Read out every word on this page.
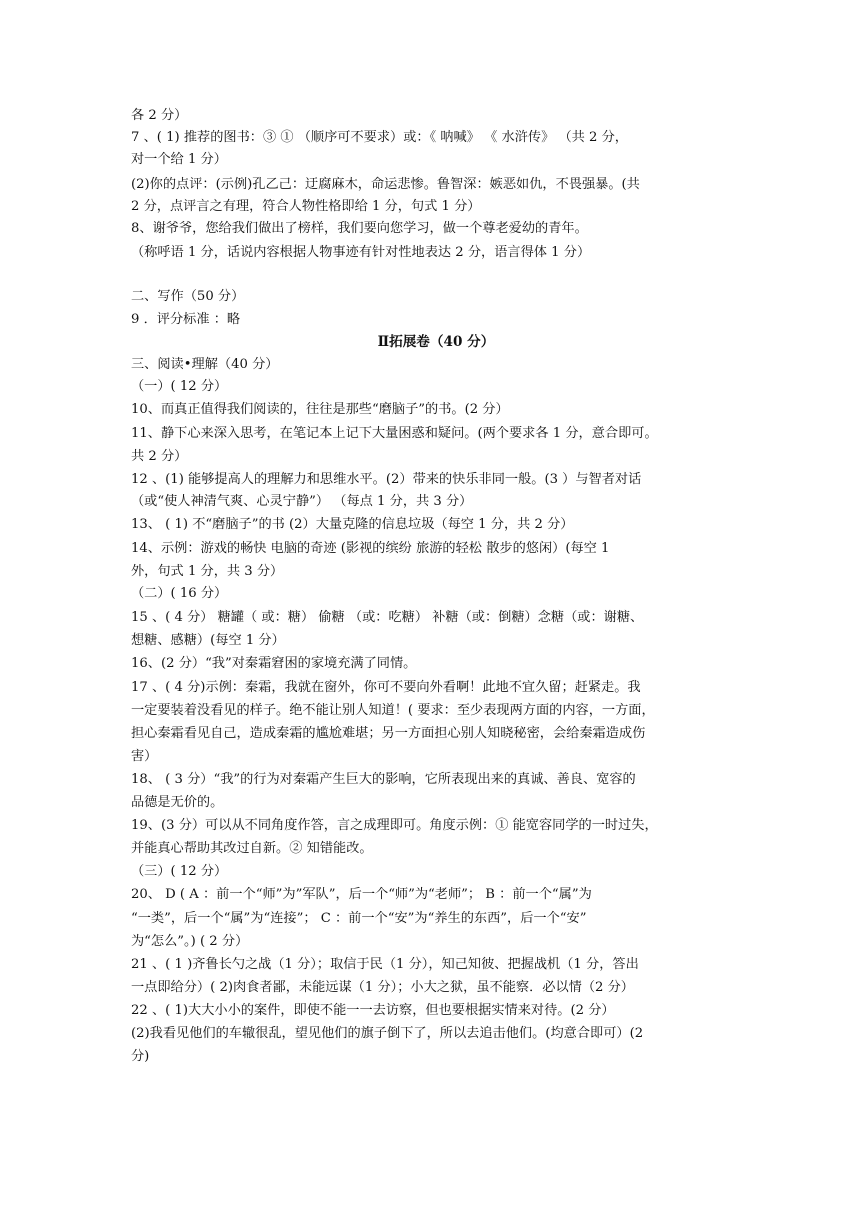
各 2 分）
7 、( 1) 推荐的图书：③ ① （顺序可不要求）或：《 呐喊》 《 水浒传》 （共 2 分，
对一个给 1 分）
(2)你的点评：(示例)孔乙己：迂腐麻木，命运悲惨。鲁智深：嫉恶如仇，不畏强暴。(共
2 分，点评言之有理，符合人物性格即给 1 分，句式 1 分）
8、谢爷爷，您给我们做出了榜样，我们要向您学习，做一个尊老爱幼的青年。
（称呼语 1 分，话说内容根据人物事迹有针对性地表达 2 分，语言得体 1 分）
二、写作（50 分）
9 ．评分标准 ：略
Ⅱ拓展卷（40 分）
三、阅读•理解（40 分）
（一）( 12 分）
10、而真正值得我们阅读的，往往是那些“磨脑子”的书。(2 分）
11、静下心来深入思考，在笔记本上记下大量困惑和疑问。(两个要求各 1 分，意合即可。
共 2 分）
12 、(1) 能够提高人的理解力和思维水平。(2）带来的快乐非同一般。(3 ）与智者对话
（或“使人神清气爽、心灵宁静”） （每点 1 分，共 3 分）
13、 ( 1) 不“磨脑子”的书 (2）大量克隆的信息垃圾（每空 1 分，共 2 分）
14、示例：游戏的畅快 电脑的奇迹 (影视的缤纷 旅游的轻松 散步的悠闲）(每空 1
外，句式 1 分，共 3 分）
（二）( 16 分）
15 、( 4 分） 糖罐（ 或：糖） 偷糖 （或：吃糖） 补糖（或：倒糖）念糖（或：谢糖、
想糖、感糖）(每空 1 分）
16、(2 分）“我”对秦霜窘困的家境充满了同情。
17 、( 4 分)示例：秦霜，我就在窗外，你可不要向外看啊！此地不宜久留；赶紧走。我
一定要装着没看见的样子。绝不能让别人知道！( 要求：至少表现两方面的内容，一方面，
担心秦霜看见自己，造成秦霜的尴尬难堪；另一方面担心别人知晓秘密，会给秦霜造成伤
害）
18、 ( 3 分）“我”的行为对秦霜产生巨大的影响，它所表现出来的真诚、善良、宽容的
品德是无价的。
19、(3 分）可以从不同角度作答，言之成理即可。角度示例：① 能宽容同学的一时过失，
并能真心帮助其改过自新。② 知错能改。
（三）( 12 分）
20、 D ( A ：前一个“师”为”军队”，后一个“师”为“老师”； B ：前一个“属”为
“一类”，后一个“属”为“连接”； C ：前一个“安”为“养生的东西”，后一个“安”
为“怎么”。) ( 2 分）
21 、( 1 )齐鲁长勺之战（1 分）；取信于民（1 分），知己知彼、把握战机（1 分，答出
一点即给分）( 2)肉食者鄙，未能远谋（1 分）；小大之狱，虽不能察．必以情（2 分）
22 、( 1)大大小小的案件，即使不能一一去访察，但也要根据实情来对待。(2 分）
(2)我看见他们的车辙很乱，望见他们的旗子倒下了，所以去追击他们。(均意合即可）(2
分)
